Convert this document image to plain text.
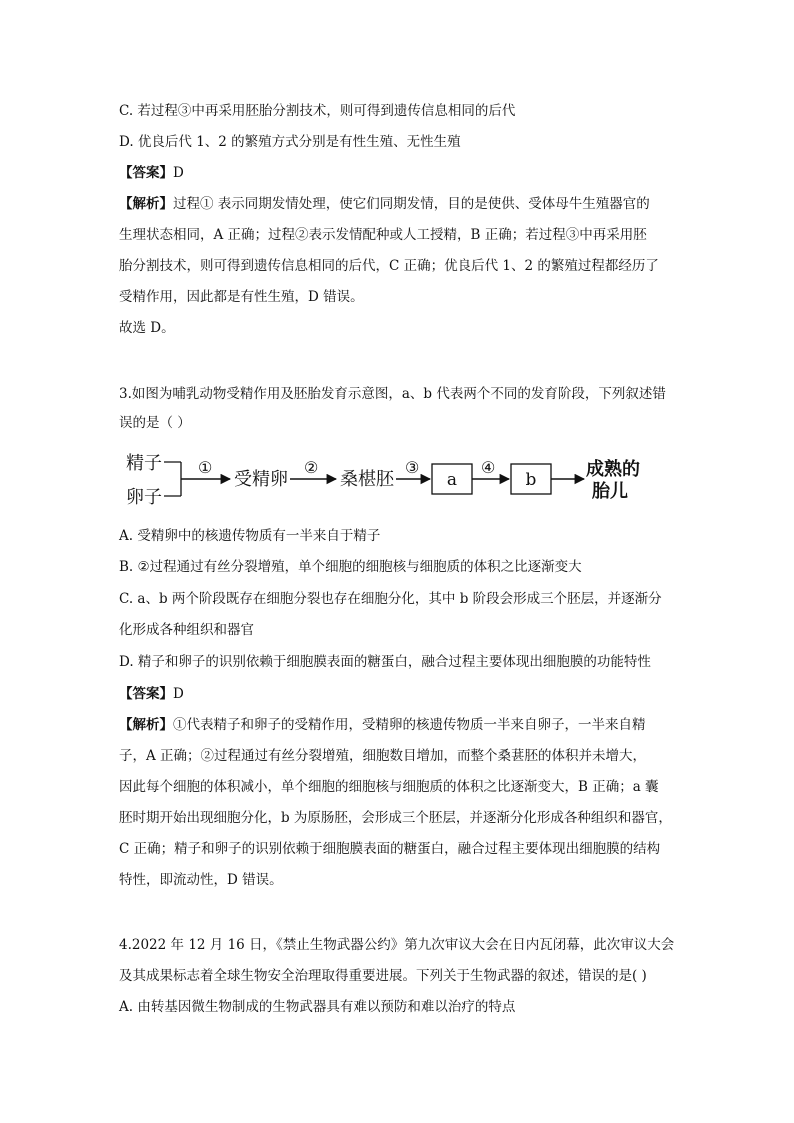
C. 若过程③中再采用胚胎分割技术，则可得到遗传信息相同的后代
D. 优良后代 1、2 的繁殖方式分别是有性生殖、无性生殖
【答案】D
【解析】过程① 表示同期发情处理，使它们同期发情，目的是使供、受体母牛生殖器官的
生理状态相同，A 正确；过程②表示发情配种或人工授精，B 正确；若过程③中再采用胚
胎分割技术，则可得到遗传信息相同的后代，C 正确；优良后代 1、2 的繁殖过程都经历了
受精作用，因此都是有性生殖，D 错误。
故选 D。
3.如图为哺乳动物受精作用及胚胎发育示意图，a、b 代表两个不同的发育阶段，下列叙述错
误的是（ ）
精子
卵子
①
受精卵
②
桑椹胚
③
a
④
b	成熟的
胎儿
A. 受精卵中的核遗传物质有一半来自于精子
B. ②过程通过有丝分裂增殖，单个细胞的细胞核与细胞质的体积之比逐渐变大
C. a、b 两个阶段既存在细胞分裂也存在细胞分化，其中 b 阶段会形成三个胚层，并逐渐分
化形成各种组织和器官
D. 精子和卵子的识别依赖于细胞膜表面的糖蛋白，融合过程主要体现出细胞膜的功能特性
【答案】D
【解析】①代表精子和卵子的受精作用，受精卵的核遗传物质一半来自卵子，一半来自精
子，A 正确；②过程通过有丝分裂增殖，细胞数目增加，而整个桑葚胚的体积并未增大，
因此每个细胞的体积减小，单个细胞的细胞核与细胞质的体积之比逐渐变大，B 正确；a 囊
胚时期开始出现细胞分化，b 为原肠胚，会形成三个胚层，并逐渐分化形成各种组织和器官，
C 正确；精子和卵子的识别依赖于细胞膜表面的糖蛋白，融合过程主要体现出细胞膜的结构
特性，即流动性，D 错误。
4.2022 年 12 月 16 日，《禁止生物武器公约》第九次审议大会在日内瓦闭幕，此次审议大会
及其成果标志着全球生物安全治理取得重要进展。下列关于生物武器的叙述，错误的是( )
A. 由转基因微生物制成的生物武器具有难以预防和难以治疗的特点
